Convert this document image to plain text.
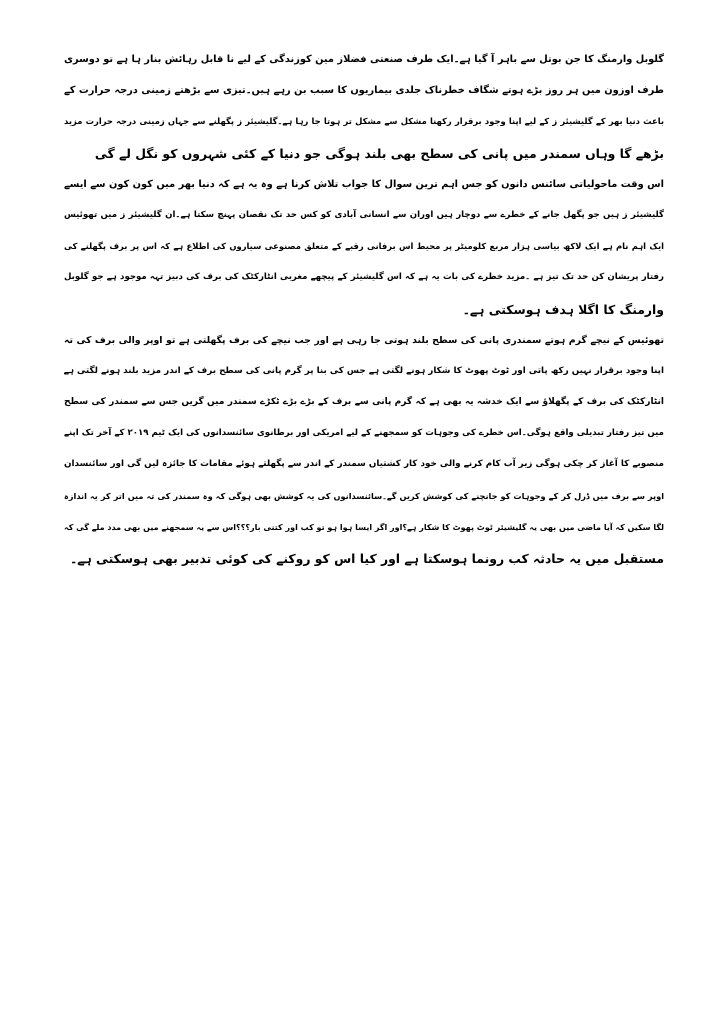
گلوبل وارمنگ کا جن بوتل سے باہر آ گیا ہے۔ایک طرف صنعتی فضلاز مین کوزندگی کے لیے نا قابل رہائش بنار ہا ہے تو دوسری
طرف اوزون میں ہر روز بڑے ہوتے شگاف خطرناک جلدی بیماریوں کا سبب بن رہے ہیں۔تیزی سے بڑھتے زمینی درجہ حرارت کے
باعث دنیا بھر کے گلیشیئر ز کے لیے اپنا وجود برقرار رکھنا مشکل سے مشکل تر ہوتا جا رہا ہے۔گلیشیئر ز پگھلنے سے جہاں زمینی درجہ حرارت مزید
بڑھے گا وہاں سمندر میں پانی کی سطح بھی بلند ہوگی جو دنیا کے کئی شہروں کو نگل لے گی
اس وقت ماحولیاتی سائنس دانوں کو جس اہم ترین سوال کا جواب تلاش کرنا ہے وہ یہ ہے کہ دنیا بھر میں کون کون سے ایسے
گلیشیئر ز ہیں جو پگھل جانے کے خطرے سے دوچار ہیں اوران سے انسانی آبادی کو کس حد تک نقصان پہنچ سکتا ہے۔ان گلیشیئر ز میں تھوئیس
ایک اہم نام ہے ایک لاکھ بیاسی ہزار مربع کلومیٹر پر محیط اس برفانی رقبے کے متعلق مصنوعی سیاروں کی اطلاع ہے کہ اس پر برف پگھلنے کی
رفتار پریشان کن حد تک تیز ہے ۔مزید خطرے کی بات یہ ہے کہ اس گلیشیئر کے پیچھے مغربی انٹارکٹک کی برف کی دبیز تہہ موجود ہے جو گلوبل
وارمنگ کا اگلا ہدف ہوسکتی ہے۔
تھوئیس کے نیچے گرم ہوتے سمندری پانی کی سطح بلند ہوتی جا رہی ہے اور جب نیچے کی برف پگھلتی ہے تو اوپر والی برف کی تہ
اپنا وجود برقرار نہیں رکھ پاتی اور ٹوٹ پھوٹ کا شکار ہونے لگتی ہے جس کی بنا پر گرم پانی کی سطح برف کے اندر مزید بلند ہونے لگتی ہے
انٹارکٹک کی برف کے پگھلاؤ سے ایک خدشہ یہ بھی ہے کہ گرم پانی سے برف کے بڑے بڑے ٹکڑے سمندر میں گریں جس سے سمندر کی سطح
میں تیز رفتار تبدیلی واقع ہوگی۔اس خطرے کی وجوہات کو سمجھنے کے لیے امریکی اور برطانوی سائنسدانوں کی ایک ٹیم ۲۰۱۹ کے آخر تک اپنے
منصوبے کا آغاز کر چکی ہوگی زیر آب کام کرنے والی خود کار کشتیاں سمندر کے اندر سے پگھلتے ہوئے مقامات کا جائزہ لیں گی اور سائنسدان
اوپر سے برف میں ڈرل کر کے وجوہات کو جانچنے کی کوشش کریں گے۔سائنسدانوں کی یہ کوشش بھی ہوگی کہ وہ سمندر کی تہ میں اتر کر یہ اندازہ
لگا سکیں کہ آیا ماضی میں بھی یہ گلیشیئر ٹوٹ پھوٹ کا شکار ہے؟اور اگر ایسا ہوا ہو تو کب اور کتنی بار؟؟؟اس سے یہ سمجھنے میں بھی مدد ملے گی کہ
مستقبل میں یہ حادثہ کب رونما ہوسکتا ہے اور کیا اس کو روکنے کی کوئی تدبیر بھی ہوسکتی ہے۔
